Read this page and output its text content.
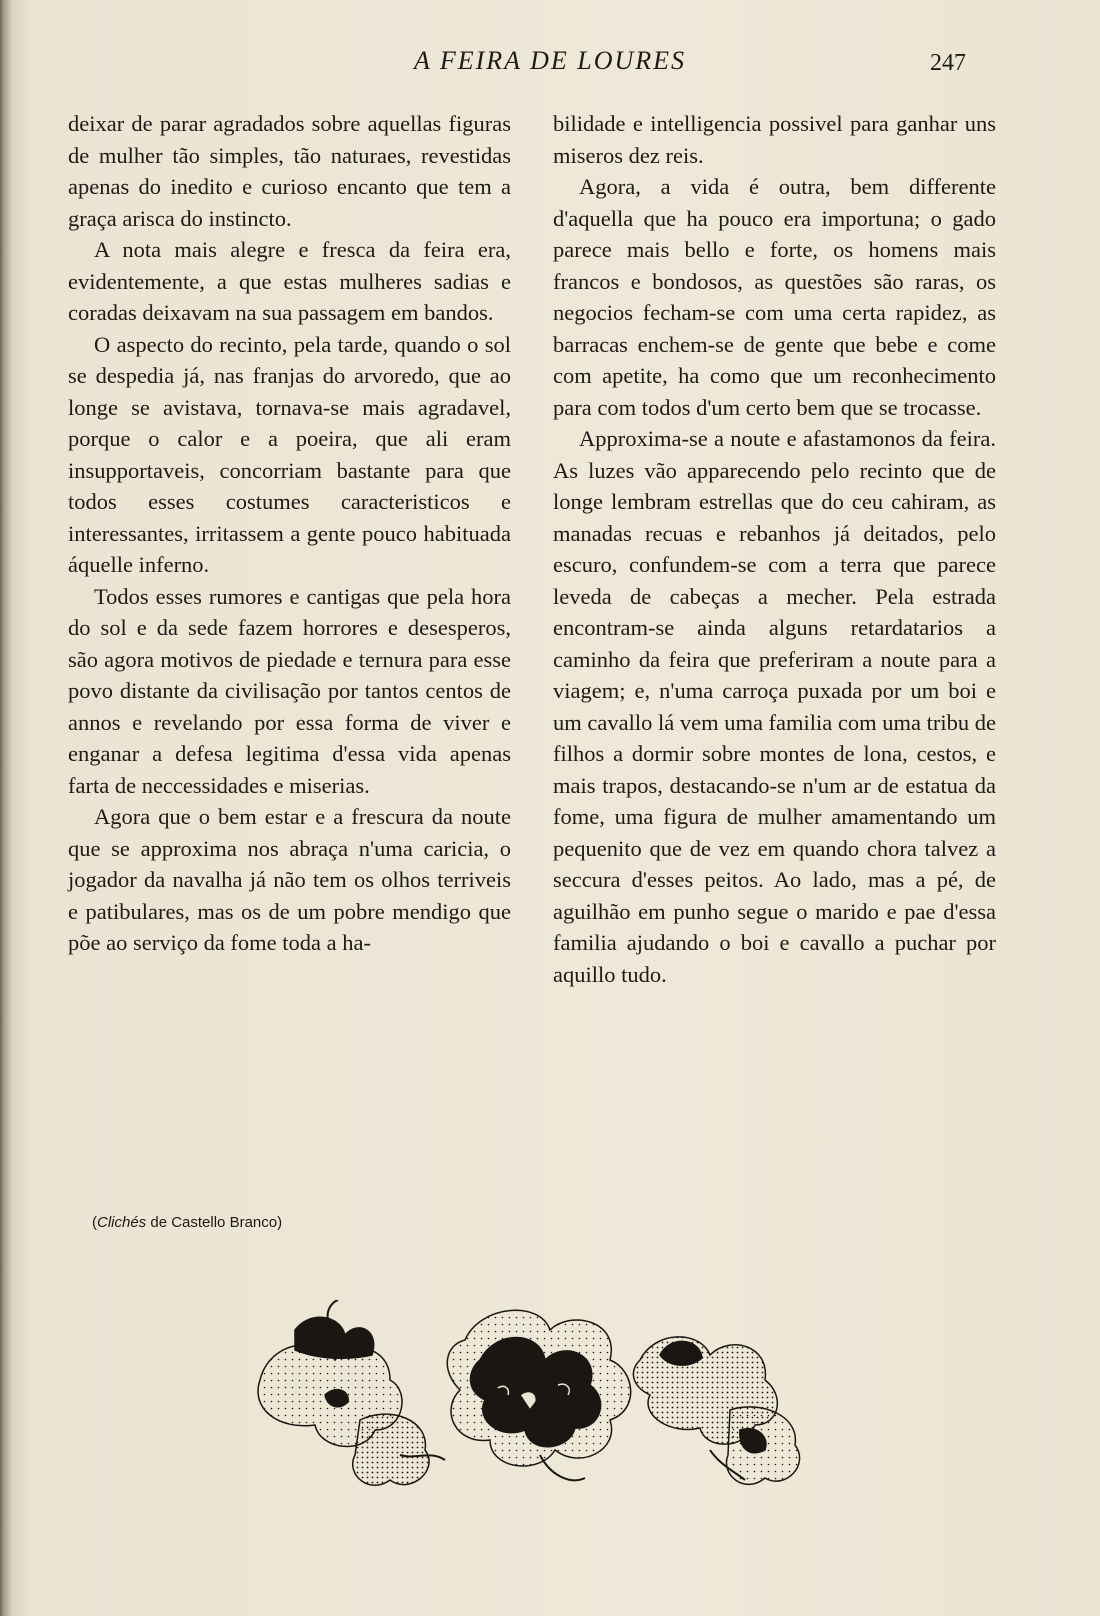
A FEIRA DE LOURES	247

deixar de parar agradados sobre aquellas figuras de mulher tão simples, tão naturaes, revestidas apenas do inedito e curioso encanto que tem a graça arisca do instincto.

A nota mais alegre e fresca da feira era, evidentemente, a que estas mulheres sadias e coradas deixavam na sua passagem em bandos.

O aspecto do recinto, pela tarde, quando o sol se despedia já, nas franjas do arvoredo, que ao longe se avistava, tornava-se mais agradavel, porque o calor e a poeira, que ali eram insupportaveis, concorriam bastante para que todos esses costumes caracteristicos e interessantes, irritassem a gente pouco habituada áquelle inferno.

Todos esses rumores e cantigas que pela hora do sol e da sede fazem horrores e desesperos, são agora motivos de piedade e ternura para esse povo distante da civilisação por tantos centos de annos e revelando por essa forma de viver e enganar a defesa legitima d'essa vida apenas farta de neccessidades e miserias.

Agora que o bem estar e a frescura da noute que se approxima nos abraça n'uma caricia, o jogador da navalha já não tem os olhos terriveis e patibulares, mas os de um pobre mendigo que põe ao serviço da fome toda a ha-

bilidade e intelligencia possivel para ganhar uns miseros dez reis.

Agora, a vida é outra, bem differente d'aquella que ha pouco era importuna; o gado parece mais bello e forte, os homens mais francos e bondosos, as questões são raras, os negocios fecham-se com uma certa rapidez, as barracas enchem-se de gente que bebe e come com apetite, ha como que um reconhecimento para com todos d'um certo bem que se trocasse.

Approxima-se a noute e afastamonos da feira. As luzes vão apparecendo pelo recinto que de longe lembram estrellas que do ceu cahiram, as manadas recuas e rebanhos já deitados, pelo escuro, confundem-se com a terra que parece leveda de cabeças a mecher. Pela estrada encontram-se ainda alguns retardatarios a caminho da feira que preferiram a noute para a viagem; e, n'uma carroça puxada por um boi e um cavallo lá vem uma familia com uma tribu de filhos a dormir sobre montes de lona, cestos, e mais trapos, destacando-se n'um ar de estatua da fome, uma figura de mulher amamentando um pequenito que de vez em quando chora talvez a seccura d'esses peitos. Ao lado, mas a pé, de aguilhão em punho segue o marido e pae d'essa familia ajudando o boi e cavallo a puchar por aquillo tudo.

(Clichés de Castello Branco)
